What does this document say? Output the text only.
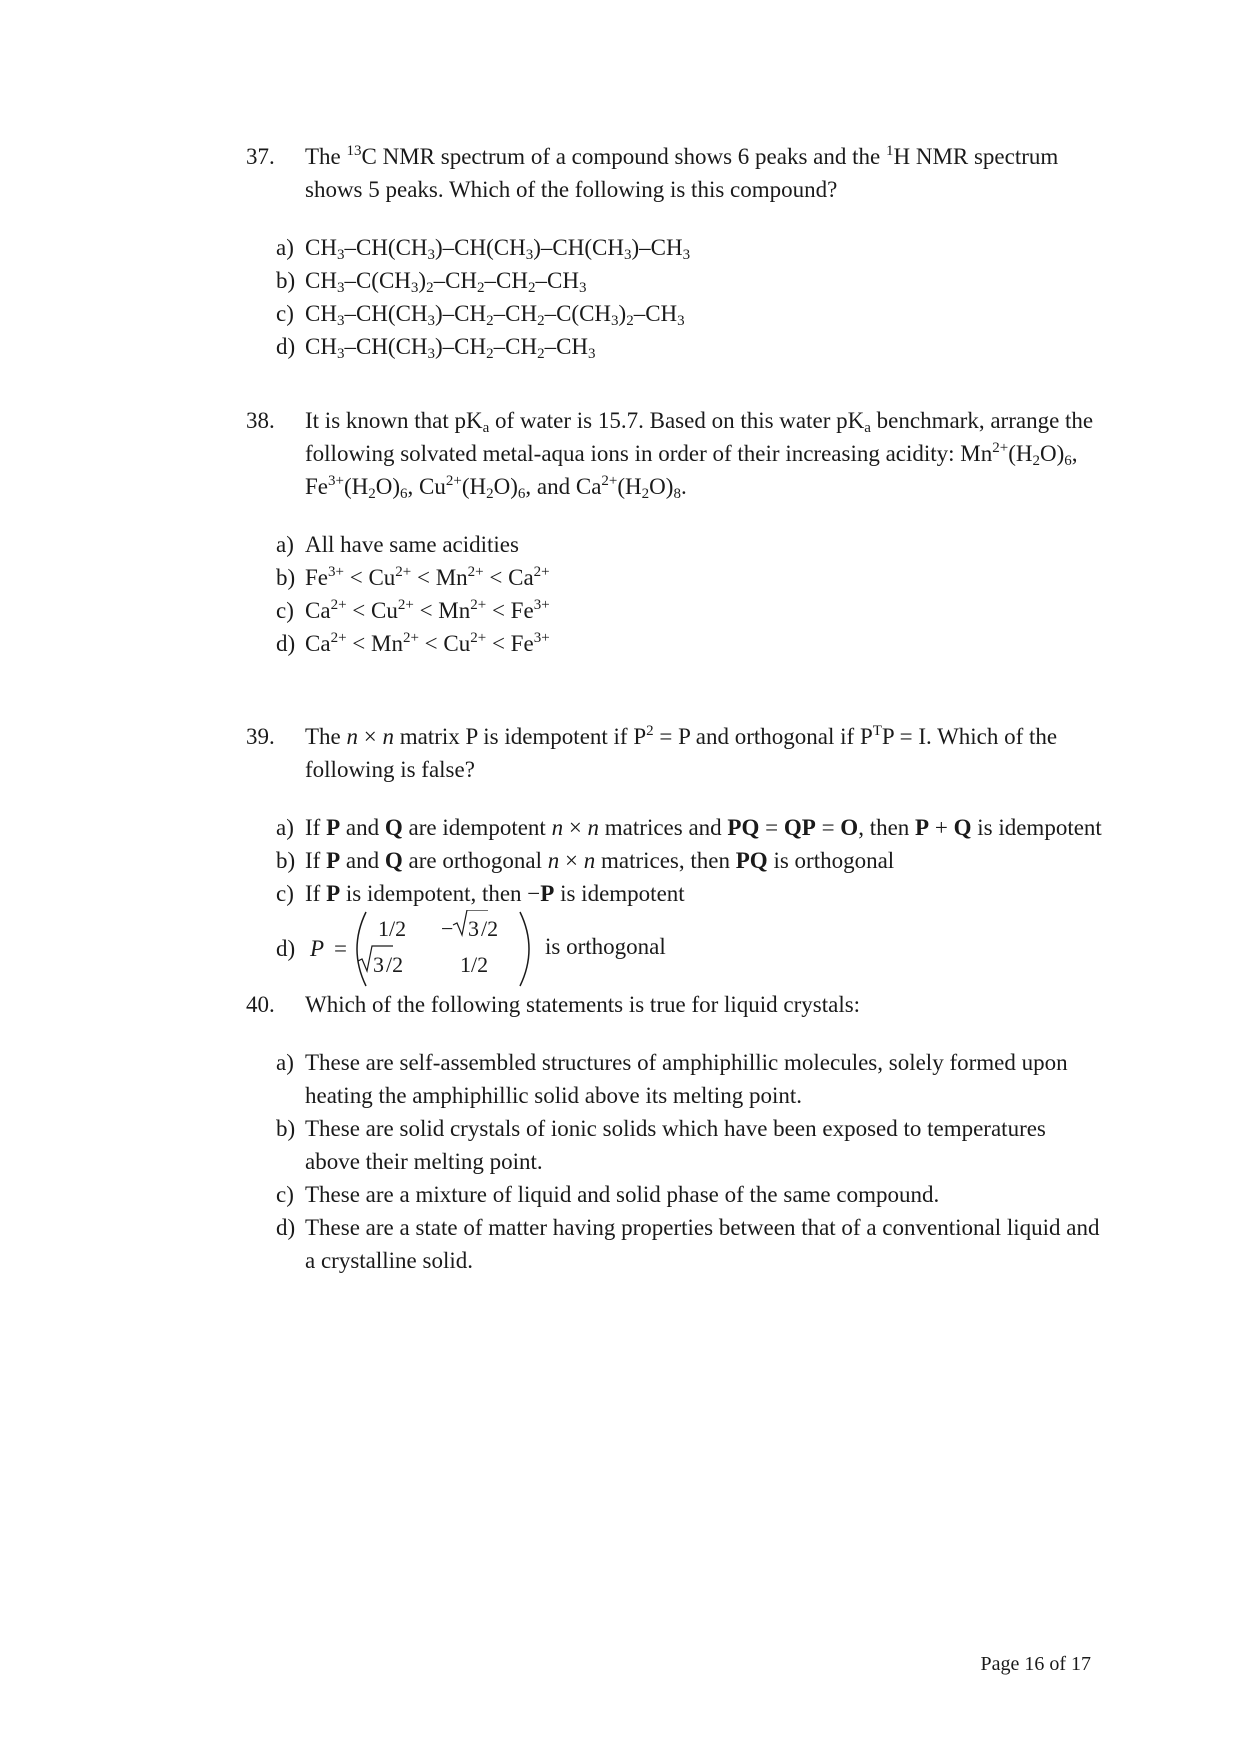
37. The $^{13}$C NMR spectrum of a compound shows 6 peaks and the $^1$H NMR spectrum shows 5 peaks. Which of the following is this compound?
a) $CH_3-CH(CH_3)-CH(CH_3)-CH(CH_3)-CH_3$
b) $CH_3-C(CH_3)_2-CH_2-CH_2-CH_3$
c) $CH_3-CH(CH_3)-CH_2-CH_2-C(CH_3)_2-CH_3$
d) $CH_3-CH(CH_3)-CH_2-CH_2-CH_3$
38. It is known that $pK_a$ of water is 15.7. Based on this water $pK_a$ benchmark, arrange the following solvated metal-aqua ions in order of their increasing acidity: $Mn^{2+}(H_2O)_6$, $Fe^{3+}(H_2O)_6$, $Cu^{2+}(H_2O)_6$, and $Ca^{2+}(H_2O)_8$.
a) All have same acidities
b) $Fe^{3+} < Cu^{2+} < Mn^{2+} < Ca^{2+}$
c) $Ca^{2+} < Cu^{2+} < Mn^{2+} < Fe^{3+}$
d) $Ca^{2+} < Mn^{2+} < Cu^{2+} < Fe^{3+}$
39. The n × n matrix P is idempotent if $P^2 = P$ and orthogonal if $P^TP = I$. Which of the following is false?
a) If P and Q are idempotent n × n matrices and PQ = QP = O, then P + Q is idempotent
b) If P and Q are orthogonal n × n matrices, then PQ is orthogonal
c) If P is idempotent, then −P is idempotent
d) P =
1/2 − 3 /2
3 /2	1/2
is orthogonal
40. Which of the following statements is true for liquid crystals:
a) These are self-assembled structures of amphiphillic molecules, solely formed upon heating the amphiphillic solid above its melting point.
b) These are solid crystals of ionic solids which have been exposed to temperatures above their melting point.
c) These are a mixture of liquid and solid phase of the same compound.
d) These are a state of matter having properties between that of a conventional liquid and a crystalline solid.
Page 16 of 17
